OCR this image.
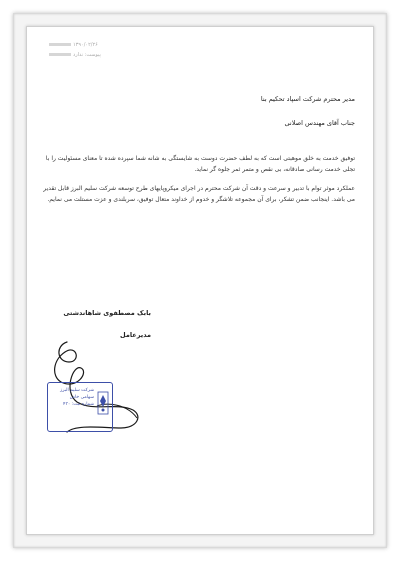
۱۳۹۰/۰۲/۲۶
پیوست: ندارد
مدیر محترم شرکت اسپاد تحکیم بنا
جناب آقای مهندس اصلانی

توفیق خدمت به خلق موهبتی است که به لطف حضرت دوست به شایستگی به شانه شما سپرده شده تا معنای مسئولیت را با تجلی خدمت رسانی صادقانه، بی نقص و متمر ثمر جلوه گر نماید.

عملکرد موثر توام با تدبیر و سرعت و دقت آن شرکت محترم در اجرای میکروپایهای طرح توسعه شرکت سلیم البرز قابل تقدیر می باشد. اینجانب ضمن تشکر، برای آن مجموعه تلاشگر و خدوم از خداوند متعال توفیق، سربلندی و عزت مستلت می نمایم.

بابک مصطفوی شاهاندشتی
مدیرعامل
شرکت سلیم البرز
سهامی خاص
شماره ثبت: ۴۳۰
